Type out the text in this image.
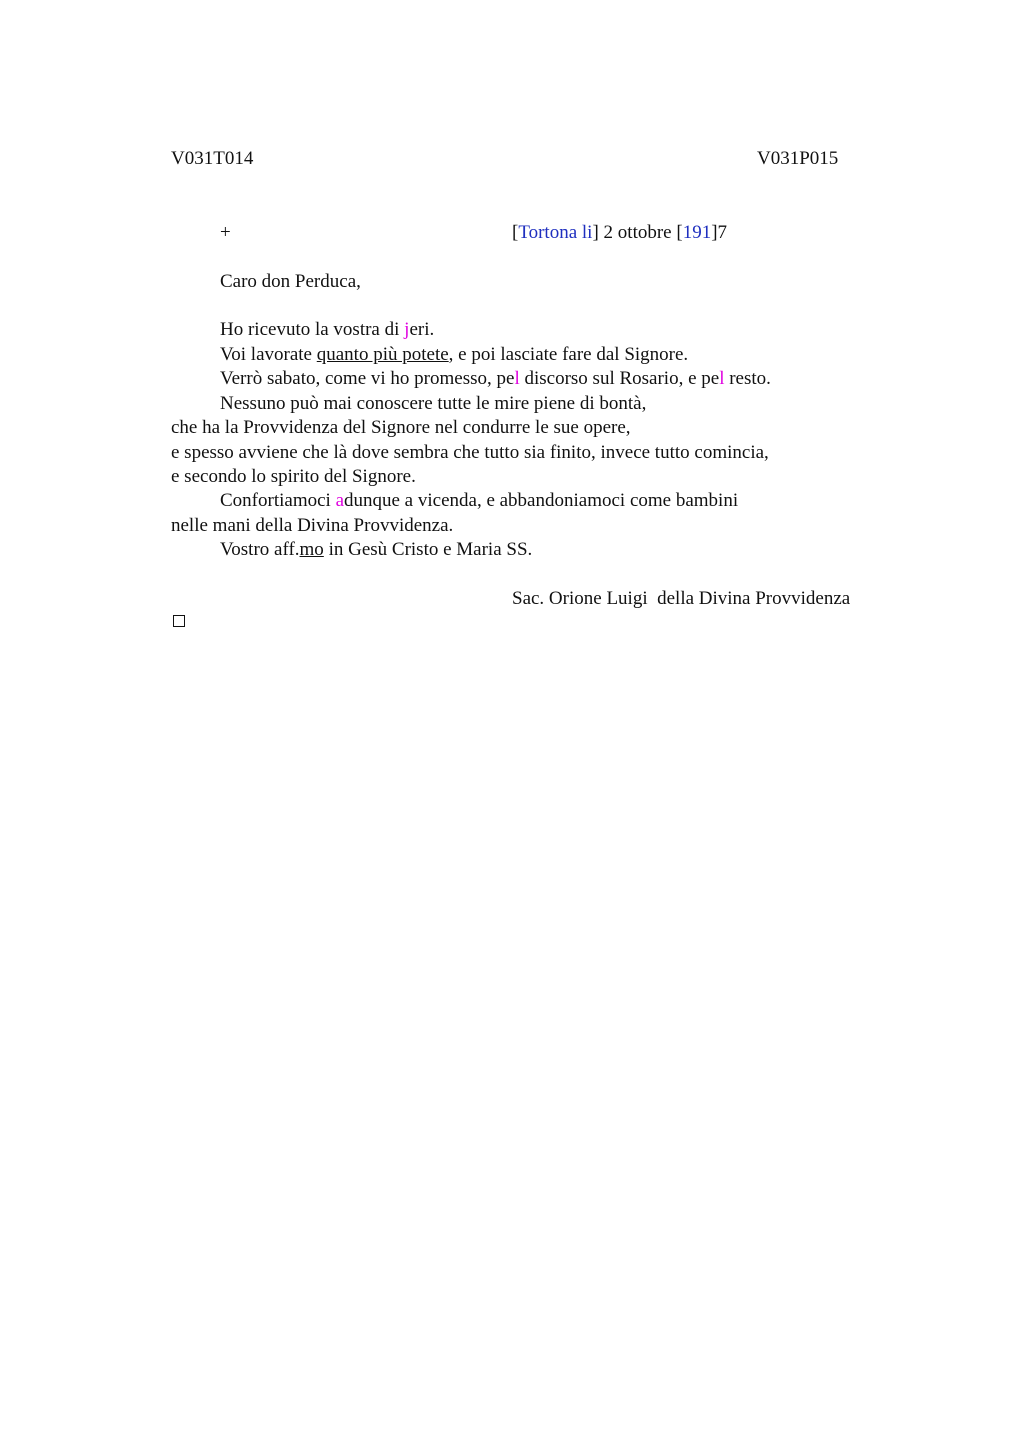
V031T014	V031P015
+	[Tortona li] 2 ottobre [191]7
Caro don Perduca,
Ho ricevuto la vostra di jeri.
Voi lavorate quanto più potete, e poi lasciate fare dal Signore.
Verrò sabato, come vi ho promesso, pel discorso sul Rosario, e pel resto.
Nessuno può mai conoscere tutte le mire piene di bontà,
che ha la Provvidenza del Signore nel condurre le sue opere,
e spesso avviene che là dove sembra che tutto sia finito, invece tutto comincia,
e secondo lo spirito del Signore.
Confortiamoci adunque a vicenda, e abbandoniamoci come bambini
nelle mani della Divina Provvidenza.
Vostro aff.mo in Gesù Cristo e Maria SS.
Sac. Orione Luigi  della Divina Provvidenza
